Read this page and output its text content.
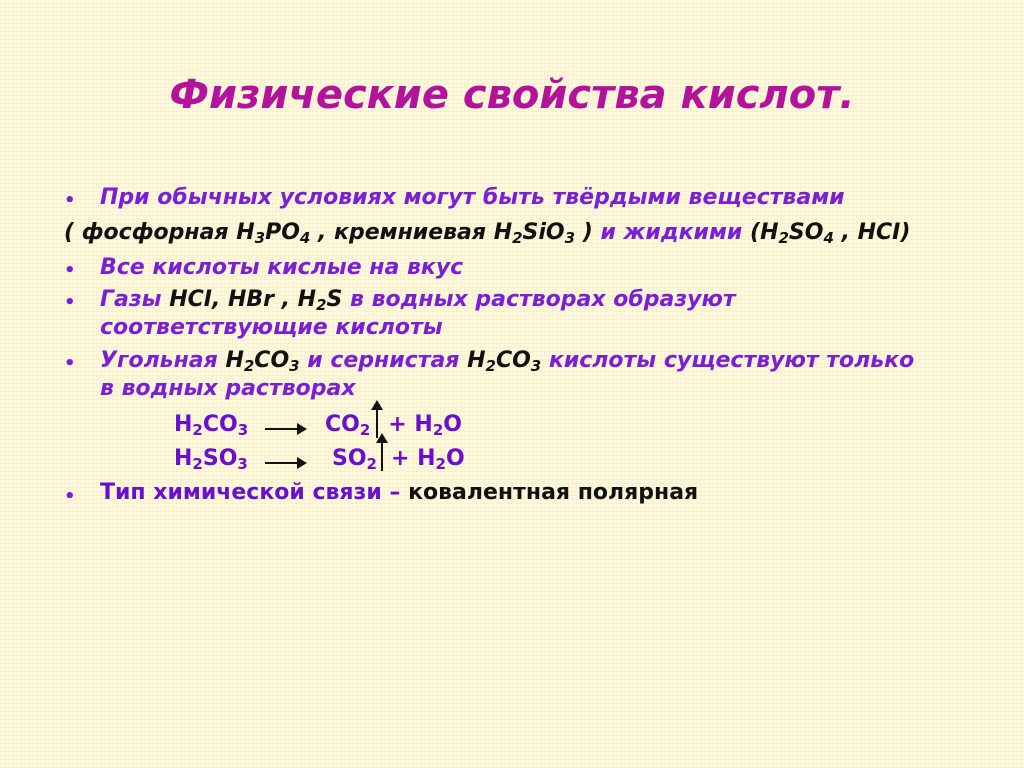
Физические свойства кислот.
• При обычных условиях могут быть твёрдыми веществами
( фосфорная $H_3PO_4$ , кремниевая $H_2SiO_3$ ) и жидкими ($H_2SO_4$ , HCI)
• Все кислоты кислые на вкус
• Газы HCI, HBr , $H_2S$ в водных растворах образуют
соответствующие кислоты
• Угольная $H_2CO_3$ и сернистая $H_2CO_3$ кислоты существуют только
в водных растворах
$H_2CO_3 \to CO_2 + H_2O$
$H_2SO_3 \to SO_2 + H_2O$
• Тип химической связи – ковалентная полярная
